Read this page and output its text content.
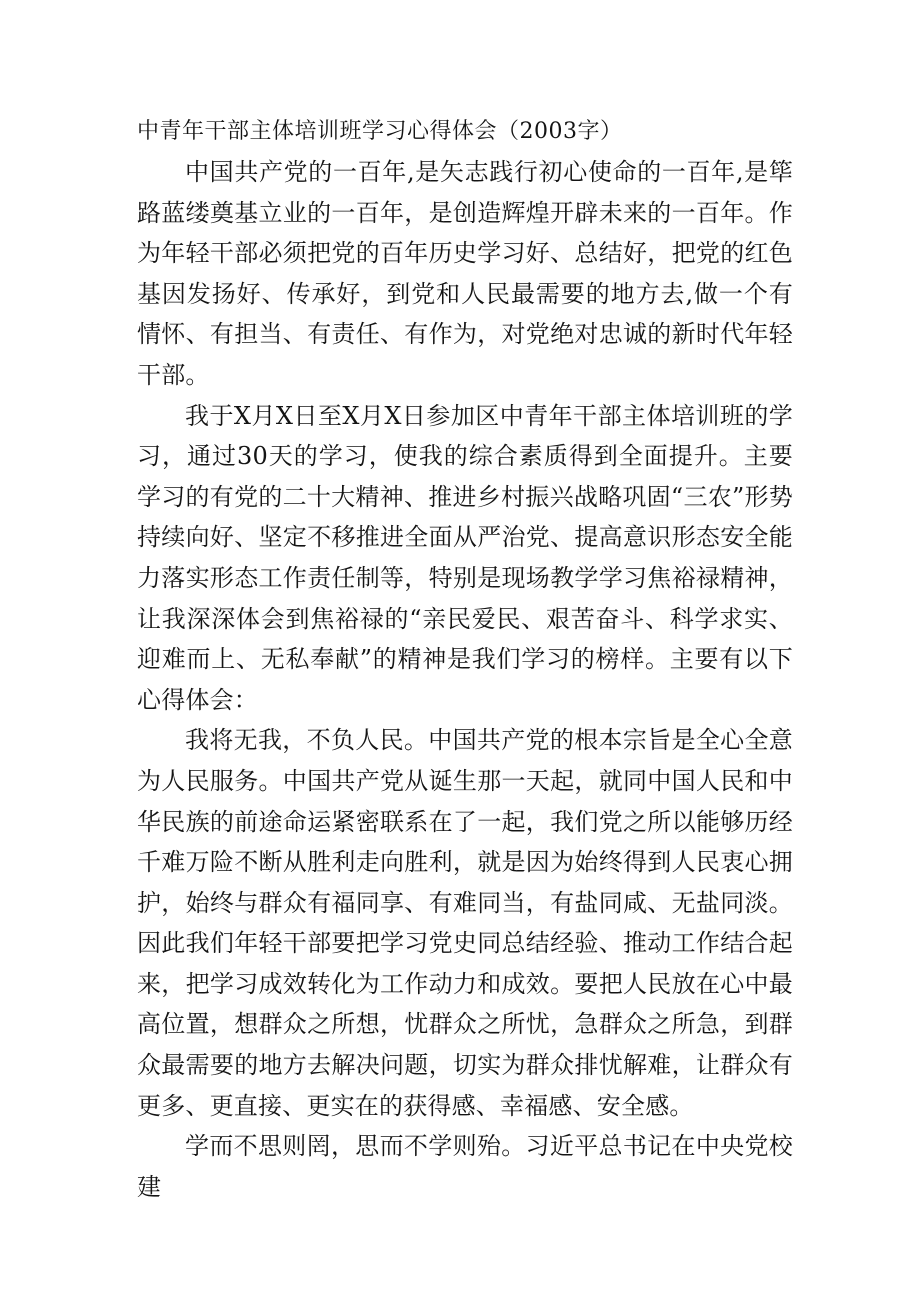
中青年干部主体培训班学习心得体会（2003字）

中国共产党的一百年,是矢志践行初心使命的一百年,是筚路蓝缕奠基立业的一百年，是创造辉煌开辟未来的一百年。作为年轻干部必须把党的百年历史学习好、总结好，把党的红色基因发扬好、传承好，到党和人民最需要的地方去,做一个有情怀、有担当、有责任、有作为，对党绝对忠诚的新时代年轻干部。

我于X月X日至X月X日参加区中青年干部主体培训班的学习，通过30天的学习，使我的综合素质得到全面提升。主要学习的有党的二十大精神、推进乡村振兴战略巩固“三农”形势持续向好、坚定不移推进全面从严治党、提高意识形态安全能力落实形态工作责任制等，特别是现场教学学习焦裕禄精神，让我深深体会到焦裕禄的“亲民爱民、艰苦奋斗、科学求实、迎难而上、无私奉献”的精神是我们学习的榜样。主要有以下心得体会：

我将无我，不负人民。中国共产党的根本宗旨是全心全意为人民服务。中国共产党从诞生那一天起，就同中国人民和中华民族的前途命运紧密联系在了一起，我们党之所以能够历经千难万险不断从胜利走向胜利，就是因为始终得到人民衷心拥护，始终与群众有福同享、有难同当，有盐同咸、无盐同淡。因此我们年轻干部要把学习党史同总结经验、推动工作结合起来，把学习成效转化为工作动力和成效。要把人民放在心中最高位置，想群众之所想，忧群众之所忧，急群众之所急，到群众最需要的地方去解决问题，切实为群众排忧解难，让群众有更多、更直接、更实在的获得感、幸福感、安全感。

学而不思则罔，思而不学则殆。习近平总书记在中央党校建
